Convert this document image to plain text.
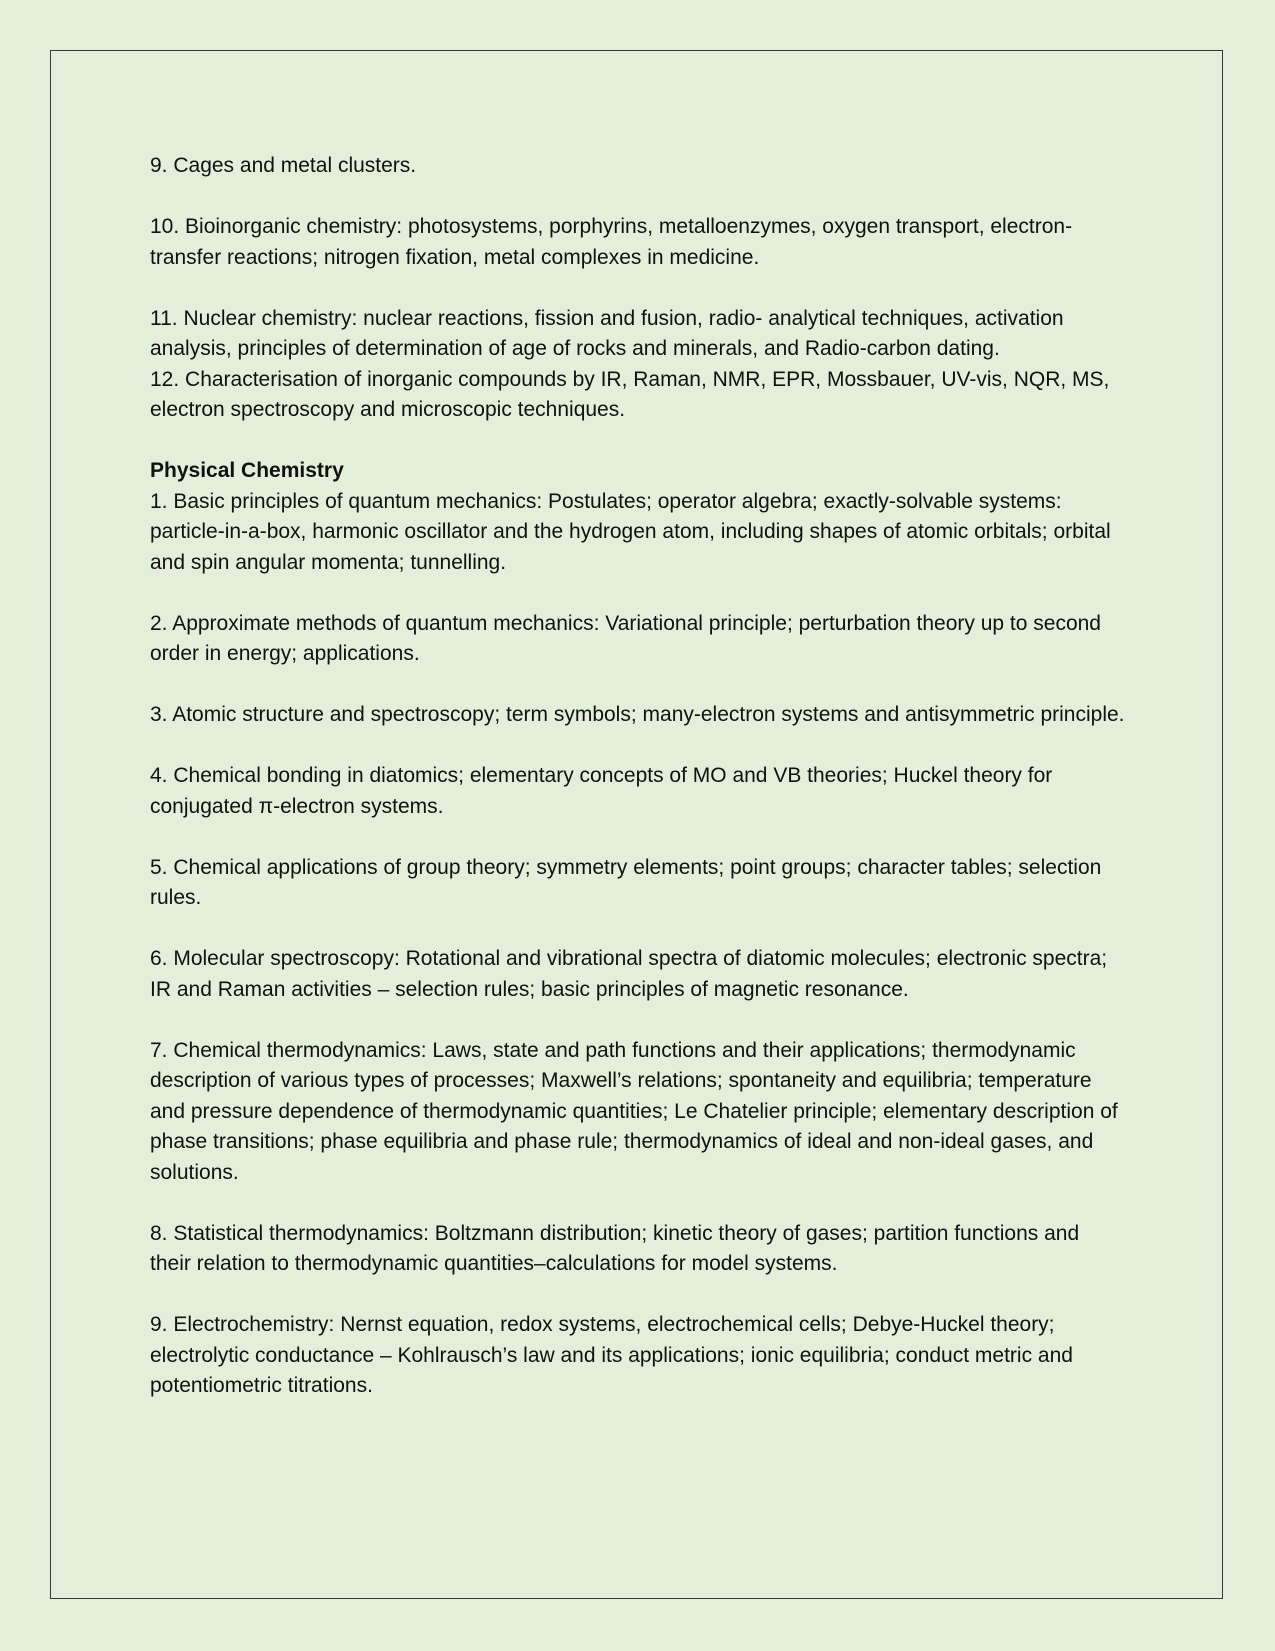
9. Cages and metal clusters.

10. Bioinorganic chemistry: photosystems, porphyrins, metalloenzymes, oxygen transport, electron-transfer reactions; nitrogen fixation, metal complexes in medicine.

11. Nuclear chemistry: nuclear reactions, fission and fusion, radio- analytical techniques, activation analysis, principles of determination of age of rocks and minerals, and Radio-carbon dating.

12. Characterisation of inorganic compounds by IR, Raman, NMR, EPR, Mossbauer, UV-vis, NQR, MS, electron spectroscopy and microscopic techniques.

Physical Chemistry

1. Basic principles of quantum mechanics: Postulates; operator algebra; exactly-solvable systems: particle-in-a-box, harmonic oscillator and the hydrogen atom, including shapes of atomic orbitals; orbital and spin angular momenta; tunnelling.

2. Approximate methods of quantum mechanics: Variational principle; perturbation theory up to second order in energy; applications.

3. Atomic structure and spectroscopy; term symbols; many-electron systems and antisymmetric principle.

4. Chemical bonding in diatomics; elementary concepts of MO and VB theories; Huckel theory for conjugated π-electron systems.

5. Chemical applications of group theory; symmetry elements; point groups; character tables; selection rules.

6. Molecular spectroscopy: Rotational and vibrational spectra of diatomic molecules; electronic spectra; IR and Raman activities – selection rules; basic principles of magnetic resonance.

7. Chemical thermodynamics: Laws, state and path functions and their applications; thermodynamic description of various types of processes; Maxwell’s relations; spontaneity and equilibria; temperature and pressure dependence of thermodynamic quantities; Le Chatelier principle; elementary description of phase transitions; phase equilibria and phase rule; thermodynamics of ideal and non-ideal gases, and solutions.

8. Statistical thermodynamics: Boltzmann distribution; kinetic theory of gases; partition functions and their relation to thermodynamic quantities–calculations for model systems.

9. Electrochemistry: Nernst equation, redox systems, electrochemical cells; Debye-Huckel theory; electrolytic conductance – Kohlrausch’s law and its applications; ionic equilibria; conduct metric and potentiometric titrations.
